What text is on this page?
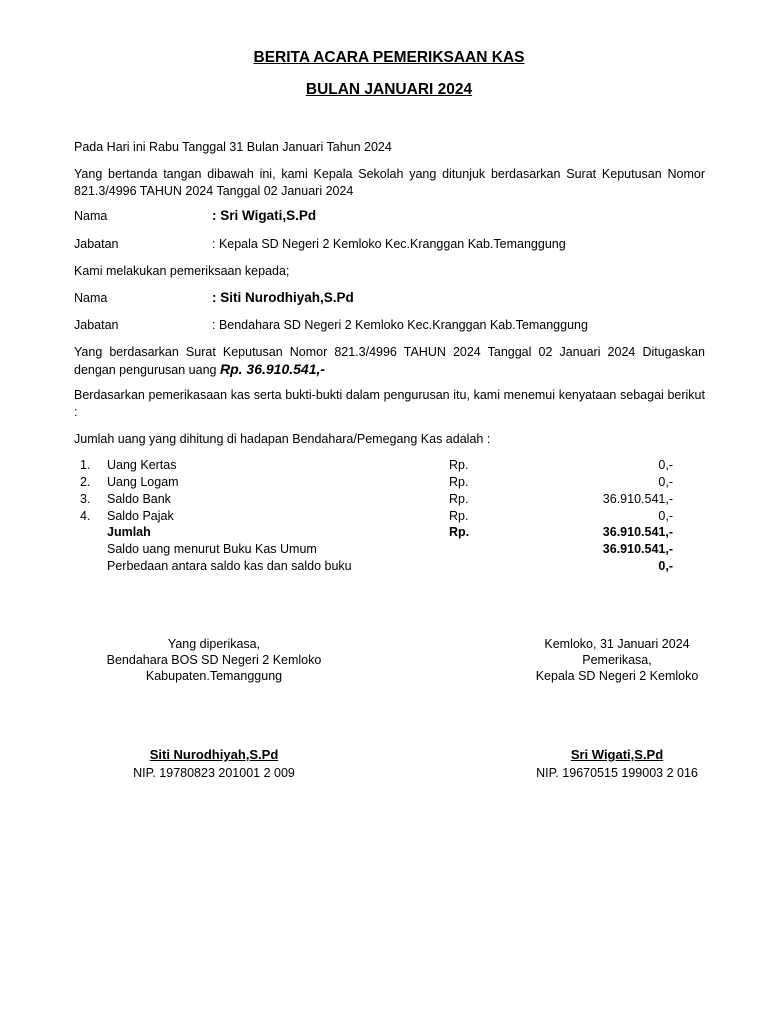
BERITA ACARA PEMERIKSAAN KAS
BULAN JANUARI 2024
Pada Hari ini Rabu Tanggal 31 Bulan Januari Tahun 2024
Yang bertanda tangan dibawah ini, kami Kepala Sekolah yang ditunjuk berdasarkan Surat Keputusan Nomor 821.3/4996 TAHUN 2024 Tanggal 02 Januari 2024
Nama	: Sri Wigati,S.Pd
Jabatan	: Kepala SD Negeri 2 Kemloko Kec.Kranggan Kab.Temanggung
Kami melakukan pemeriksaan kepada;
Nama	: Siti Nurodhiyah,S.Pd
Jabatan	: Bendahara SD Negeri 2 Kemloko Kec.Kranggan Kab.Temanggung
Yang berdasarkan Surat Keputusan Nomor 821.3/4996 TAHUN 2024 Tanggal 02 Januari 2024 Ditugaskan dengan pengurusan uang Rp. 36.910.541,-
Berdasarkan pemerikasaan kas serta bukti-bukti dalam pengurusan itu, kami menemui kenyataan sebagai berikut :
Jumlah uang yang dihitung di hadapan Bendahara/Pemegang Kas adalah :
1. Uang Kertas	Rp.	0,-
2. Uang Logam	Rp.	0,-
3. Saldo Bank	Rp.	36.910.541,-
4. Saldo Pajak	Rp.	0,-
Jumlah	Rp.	36.910.541,-
Saldo uang menurut Buku Kas Umum	36.910.541,-
Perbedaan antara saldo kas dan saldo buku	0,-
Yang diperikasa,
Bendahara BOS SD Negeri 2 Kemloko
Kabupaten.Temanggung
Siti Nurodhiyah,S.Pd
NIP. 19780823 201001 2 009
Kemloko, 31 Januari 2024
Pemerikasa,
Kepala SD Negeri 2 Kemloko
Sri Wigati,S.Pd
NIP. 19670515 199003 2 016
